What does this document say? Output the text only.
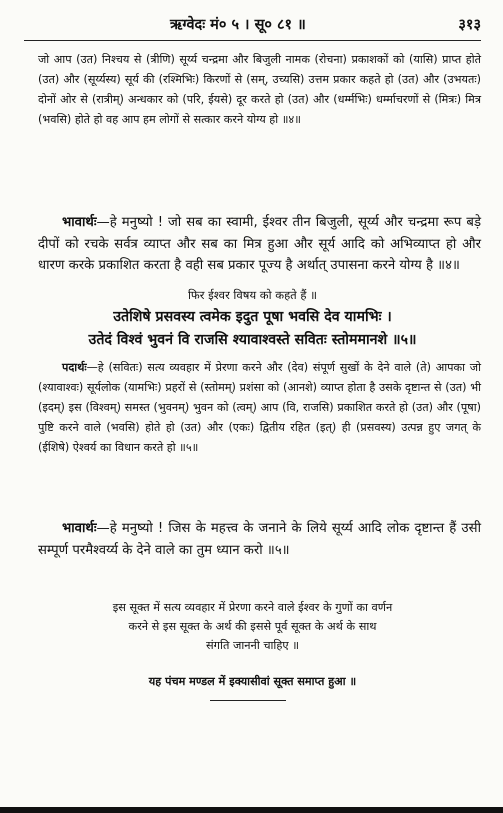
ऋग्वेदः मं० ५ । सू० ८१ ॥	३१३

जो आप (उत) निश्चय से (त्रीणि) सूर्य्य चन्द्रमा और बिजुली नामक (रोचना) प्रकाशकों को (यासि) प्राप्त होते (उत) और (सूर्य्यस्य) सूर्य की (रश्मिभिः) किरणों से (सम्, उच्यसि) उत्तम प्रकार कहते हो (उत) और (उभयतः) दोनों ओर से (रात्रीम्) अन्धकार को (परि, ईयसे) दूर करते हो (उत) और (धर्म्मभिः) धर्म्माचरणों से (मित्रः) मित्र (भवसि) होते हो वह आप हम लोगों से सत्कार करने योग्य हो ॥४॥

भावार्थः—हे मनुष्यो ! जो सब का स्वामी, ईश्वर तीन बिजुली, सूर्य्य और चन्द्रमा रूप बड़े दीपों को रचके सर्वत्र व्याप्त और सब का मित्र हुआ और सूर्य आदि को अभिव्याप्त हो और धारण करके प्रकाशित करता है वही सब प्रकार पूज्य है अर्थात् उपासना करने योग्य है ॥४॥

फिर ईश्वर विषय को कहते हैं ॥

उतेशिषे प्रसवस्य त्वमेक इदुत पूषा भवसि देव यामभिः ।
उतेदं विश्वं भुवनं वि राजसि श्यावाश्वस्ते सवितः स्तोममानशे ॥५॥

पदार्थः—हे (सवितः) सत्य व्यवहार में प्रेरणा करने और (देव) संपूर्ण सुखों के देने वाले (ते) आपका जो (श्यावाश्वः) सूर्यलोक (यामभिः) प्रहरों से (स्तोमम्) प्रशंसा को (आनशे) व्याप्त होता है उसके दृष्टान्त से (उत) भी (इदम्) इस (विश्वम्) समस्त (भुवनम्) भुवन को (त्वम्) आप (वि, राजसि) प्रकाशित करते हो (उत) और (पूषा) पुष्टि करने वाले (भवसि) होते हो (उत) और (एकः) द्वितीय रहित (इत्) ही (प्रसवस्य) उत्पन्न हुए जगत् के (ईशिषे) ऐश्वर्य का विधान करते हो ॥५॥

भावार्थः—हे मनुष्यो ! जिस के महत्त्व के जनाने के लिये सूर्य्य आदि लोक दृष्टान्त हैं उसी सम्पूर्ण परमैश्वर्य्य के देने वाले का तुम ध्यान करो ॥५॥

इस सूक्त में सत्य व्यवहार में प्रेरणा करने वाले ईश्वर के गुणों का वर्णन
करने से इस सूक्त के अर्थ की इससे पूर्व सूक्त के अर्थ के साथ
संगति जाननी चाहिए ॥

यह पंचम मण्डल में इक्यासीवां सूक्त समाप्त हुआ ॥
